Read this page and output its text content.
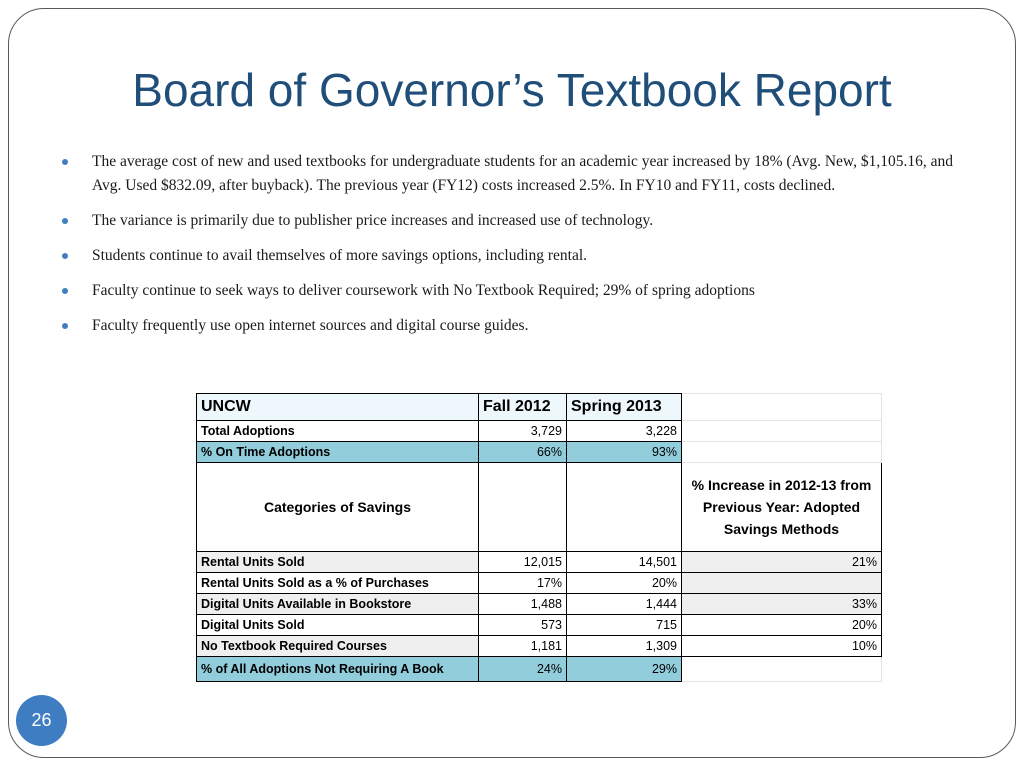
Board of Governor’s Textbook Report
The average cost of new and used textbooks for undergraduate students for an academic year increased by 18% (Avg. New, $1,105.16, and Avg. Used $832.09, after buyback). The previous year (FY12) costs increased 2.5%. In FY10 and FY11, costs declined.
The variance is primarily due to publisher price increases and increased use of technology.
Students continue to avail themselves of more savings options, including rental.
Faculty continue to seek ways to deliver coursework with No Textbook Required; 29% of spring adoptions
Faculty frequently use open internet sources and digital course guides.
UNCW	Fall 2012	Spring 2013	
Total Adoptions	3,729	3,228	
% On Time Adoptions	66%	93%	
Categories of Savings			% Increase in 2012-13 from Previous Year: Adopted Savings Methods
Rental Units Sold	12,015	14,501	21%
Rental Units Sold as a % of Purchases	17%	20%	
Digital Units Available in Bookstore	1,488	1,444	33%
Digital Units Sold	573	715	20%
No Textbook Required Courses	1,181	1,309	10%
% of All Adoptions Not Requiring A Book	24%	29%	
26
